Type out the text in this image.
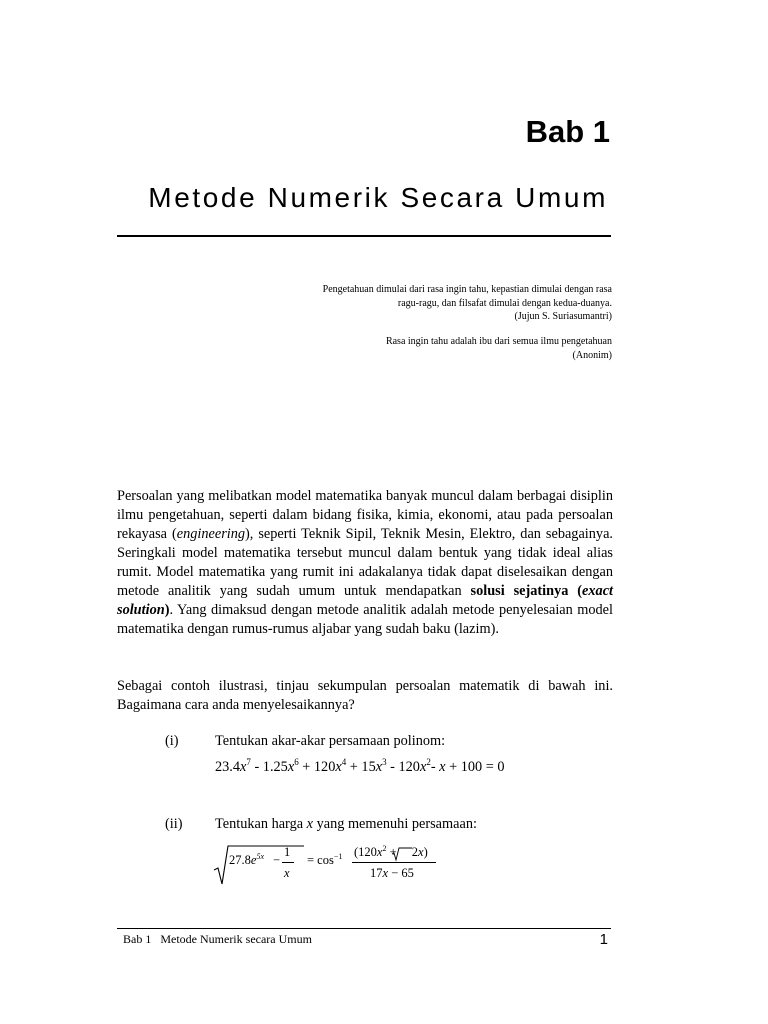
Bab 1
Metode Numerik Secara Umum
Pengetahuan dimulai dari rasa ingin tahu, kepastian dimulai dengan rasa
ragu-ragu, dan filsafat dimulai dengan kedua-duanya.
(Jujun S. Suriasumantri)
Rasa ingin tahu adalah ibu dari semua ilmu pengetahuan
(Anonim)
Persoalan yang melibatkan model matematika banyak muncul dalam berbagai disiplin ilmu pengetahuan, seperti dalam bidang fisika, kimia, ekonomi, atau pada persoalan rekayasa (engineering), seperti Teknik Sipil, Teknik Mesin, Elektro, dan sebagainya. Seringkali model matematika tersebut muncul dalam bentuk yang tidak ideal alias rumit. Model matematika yang rumit ini adakalanya tidak dapat diselesaikan dengan metode analitik yang sudah umum untuk mendapatkan solusi sejatinya (exact solution). Yang dimaksud dengan metode analitik adalah metode penyelesaian model matematika dengan rumus-rumus aljabar yang sudah baku (lazim).
Sebagai contoh ilustrasi, tinjau sekumpulan persoalan matematik di bawah ini. Bagaimana cara anda menyelesaikannya?
(i)	Tentukan akar-akar persamaan polinom:
$23.4x^7 - 1.25x^6 + 120x^4 + 15x^3 - 120x^2-$ x + 100 = 0
(ii) Tentukan harga x yang memenuhi persamaan:
$27.8e^{5x}$ −
1
x
= $\cos^{-1} (120x^2 + 2x)$
17x − 65
Bab 1   Metode Numerik secara Umum	1
